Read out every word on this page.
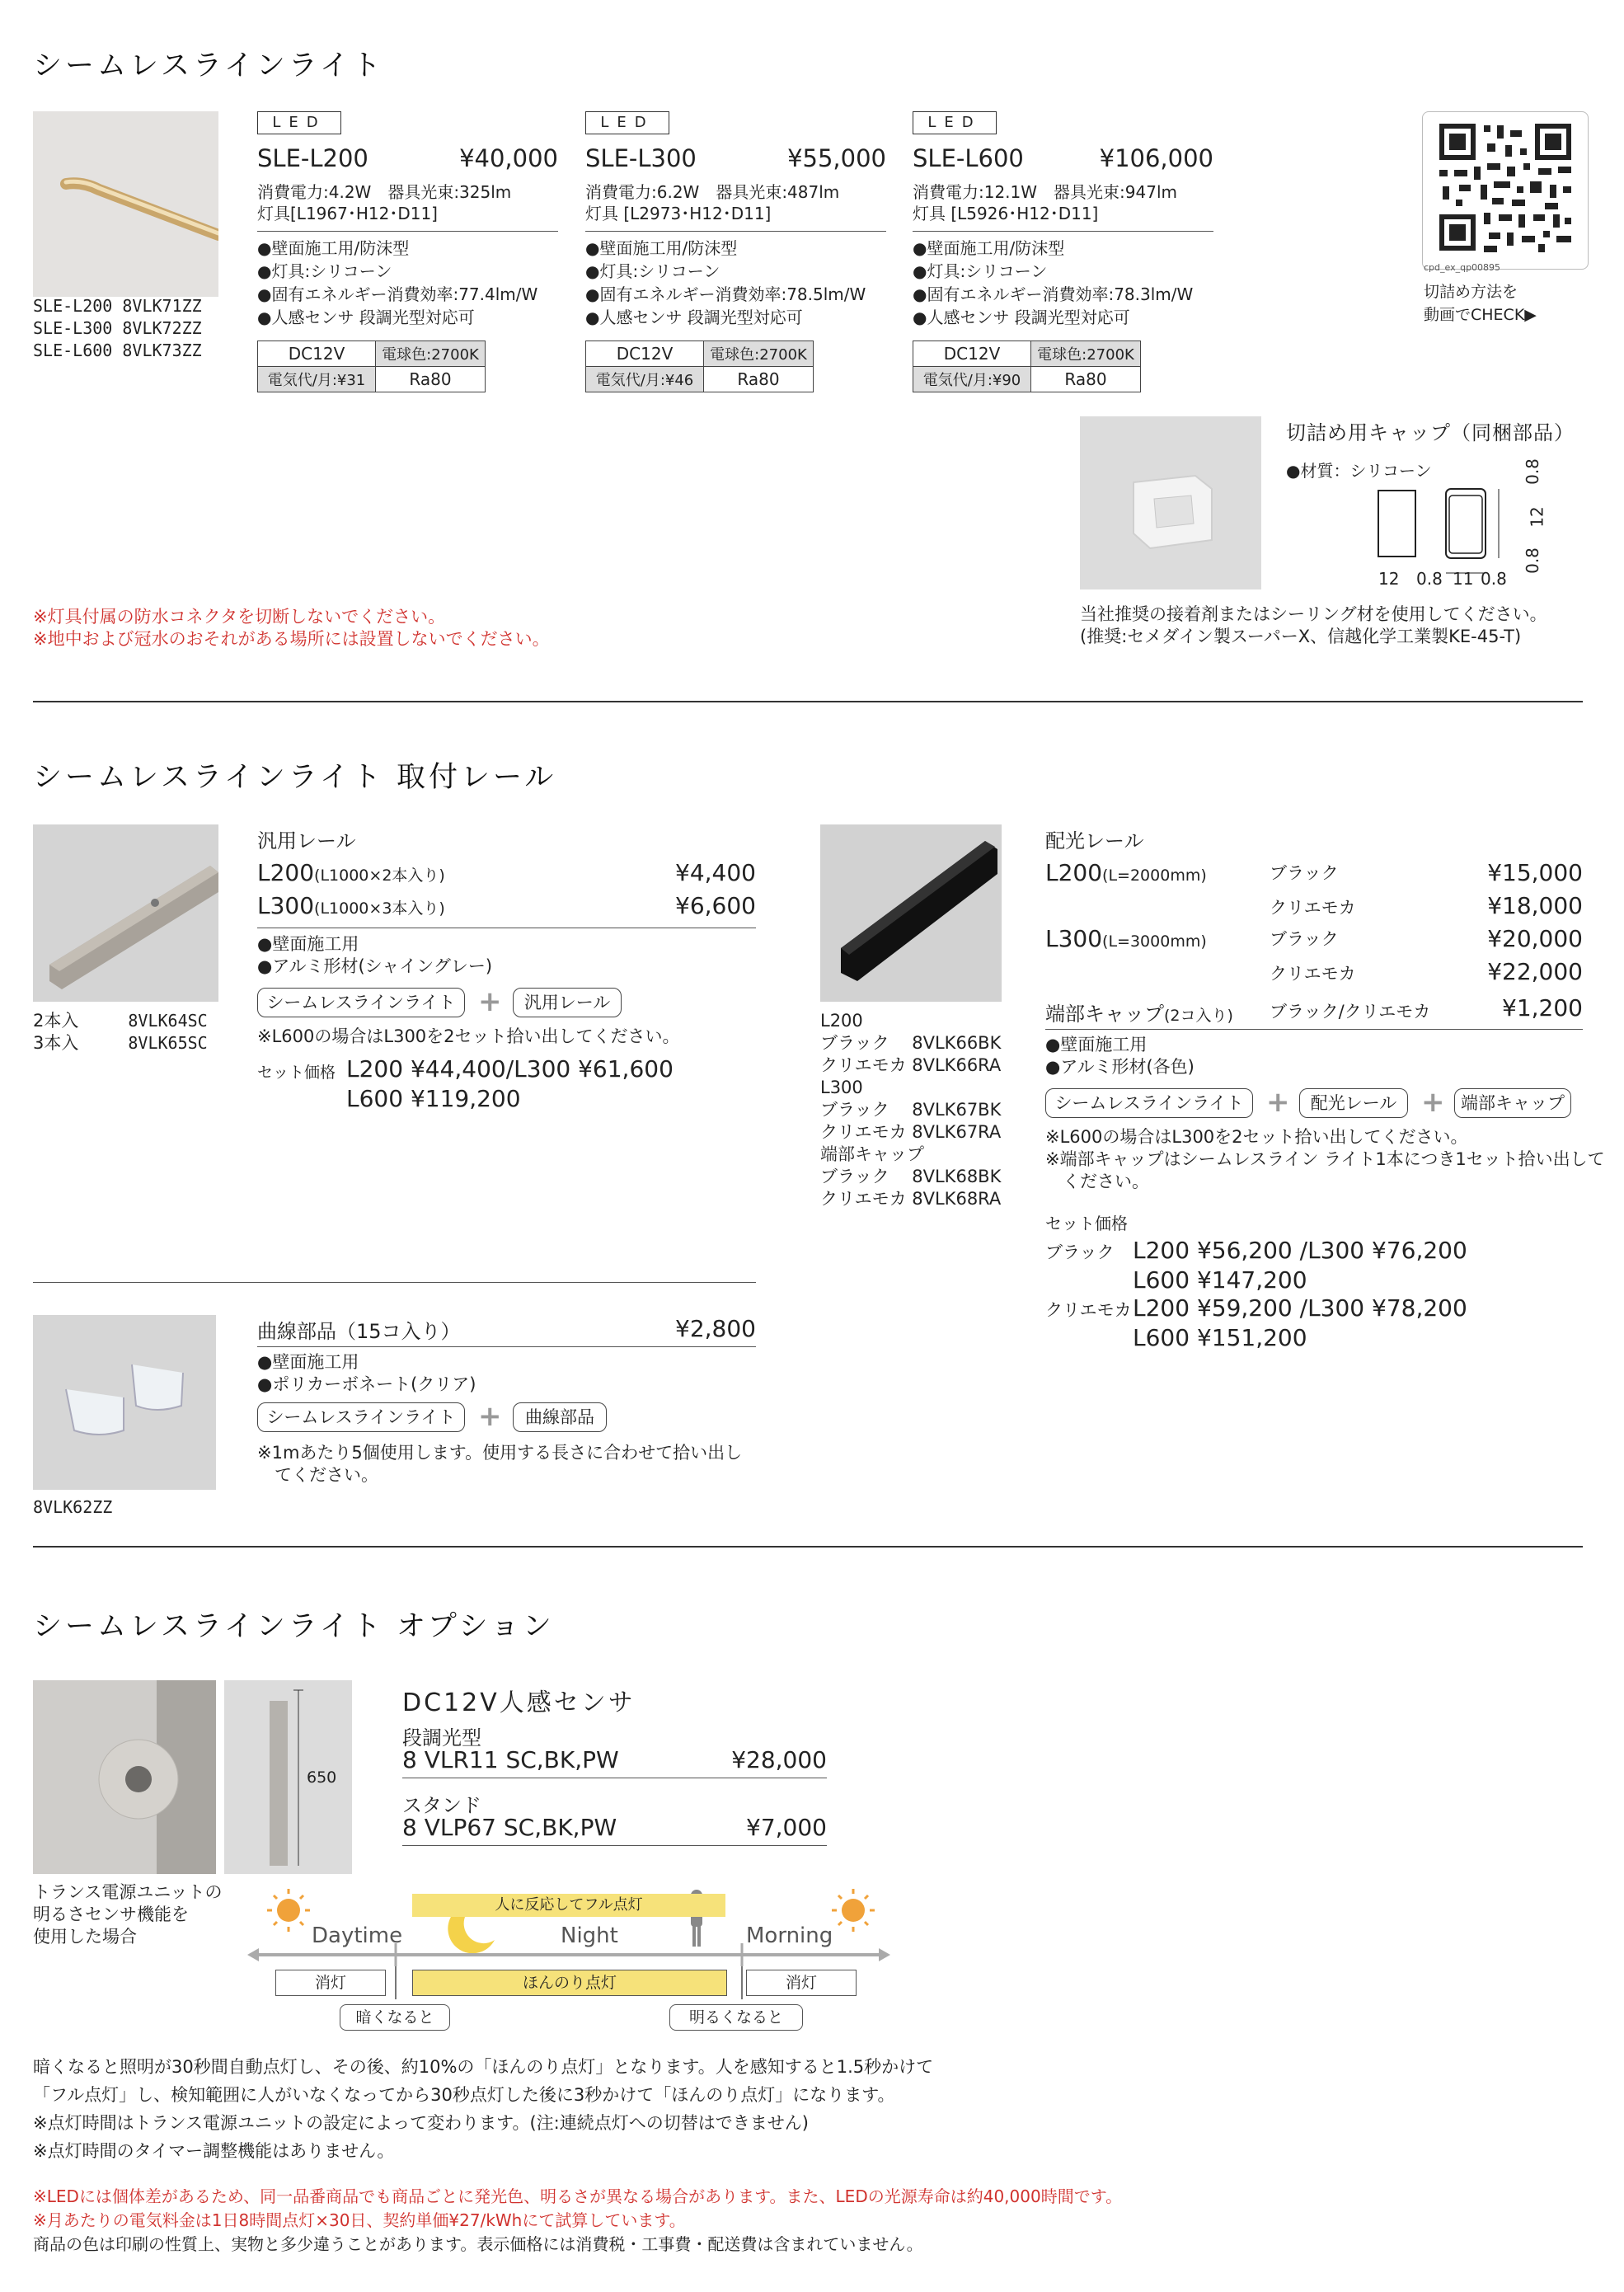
シームレスラインライト
SLE-L200 8VLK71ZZ
SLE-L300 8VLK72ZZ
SLE-L600 8VLK73ZZ
LED
SLE-L200	¥40,000
消費電力:4.2W　器具光束:325lm
灯具[L1967･H12･D11]
●壁面施工用/防沫型
●灯具:シリコーン
●固有エネルギー消費効率:77.4lm/W
●人感センサ 段調光型対応可
DC12V	電球色:2700K
電気代/月:¥31	Ra80
LED
SLE-L300	¥55,000
消費電力:6.2W　器具光束:487lm
灯具 [L2973･H12･D11]
●壁面施工用/防沫型
●灯具:シリコーン
●固有エネルギー消費効率:78.5lm/W
●人感センサ 段調光型対応可
DC12V	電球色:2700K
電気代/月:¥46	Ra80
LED
SLE-L600	¥106,000
消費電力:12.1W　器具光束:947lm
灯具 [L5926･H12･D11]
●壁面施工用/防沫型
●灯具:シリコーン
●固有エネルギー消費効率:78.3lm/W
●人感センサ 段調光型対応可
DC12V	電球色:2700K
電気代/月:¥90	Ra80
cpd_ex_qp00895
切詰め方法を
動画でCHECK▶
切詰め用キャップ（同梱部品）
●材質：シリコーン
12 0.8 11 0.8
0.8
12
0.8
当社推奨の接着剤またはシーリング材を使用してください。
(推奨:セメダイン製スーパーX、信越化学工業製KE-45-T)
※灯具付属の防水コネクタを切断しないでください。
※地中および冠水のおそれがある場所には設置しないでください。
シームレスラインライト 取付レール
2本入	8VLK64SC
3本入	8VLK65SC
汎用レール
L200(L1000×2本入り)	¥4,400
L300(L1000×3本入り)	¥6,600
●壁面施工用
●アルミ形材(シャイングレー)
シームレスラインライト +	汎用レール
※L600の場合はL300を2セット拾い出してください。
セット価格 L200 ¥44,400/L300 ¥61,600
L600 ¥119,200
L200
ブラック　 8VLK66BK
クリエモカ 8VLK66RA
L300
ブラック　 8VLK67BK
クリエモカ 8VLK67RA
端部キャップ
ブラック　 8VLK68BK
クリエモカ 8VLK68RA
配光レール
L200(L=2000mm)	ブラック	¥15,000
クリエモカ	¥18,000
L300(L=3000mm)	ブラック	¥20,000
クリエモカ	¥22,000
端部キャップ(2コ入り) ブラック/クリエモカ	¥1,200
●壁面施工用
●アルミ形材(各色)
シームレスラインライト +	配光レール + 端部キャップ
※L600の場合はL300を2セット拾い出してください。
※端部キャップはシームレスライン ライト1本につき1セット拾い出して
　ください。
セット価格
ブラック L200 ¥56,200 /L300 ¥76,200
L600 ¥147,200
クリエモカ L200 ¥59,200 /L300 ¥78,200
L600 ¥151,200
8VLK62ZZ
曲線部品（15コ入り）	¥2,800
●壁面施工用
●ポリカーボネート(クリア)
シームレスラインライト +	曲線部品
※1mあたり5個使用します。使用する長さに合わせて拾い出し
　てください。
シームレスラインライト オプション
650
トランス電源ユニットの
明るさセンサ機能を
使用した場合
DC12V人感センサ
段調光型
8 VLR11 SC,BK,PW	¥28,000
スタンド
8 VLP67 SC,BK,PW	¥7,000
人に反応してフル点灯
Daytime	Night	Morning
消灯	ほんのり点灯	消灯
暗くなると	明るくなると
暗くなると照明が30秒間自動点灯し、その後、約10%の「ほんのり点灯」となります。人を感知すると1.5秒かけて
「フル点灯」し、検知範囲に人がいなくなってから30秒点灯した後に3秒かけて「ほんのり点灯」になります。
※点灯時間はトランス電源ユニットの設定によって変わります。(注:連続点灯への切替はできません)
※点灯時間のタイマー調整機能はありません。
※LEDには個体差があるため、同一品番商品でも商品ごとに発光色、明るさが異なる場合があります。また、LEDの光源寿命は約40,000時間です。
※月あたりの電気料金は1日8時間点灯×30日、契約単価¥27/kWhにて試算しています。
商品の色は印刷の性質上、実物と多少違うことがあります。表示価格には消費税・工事費・配送費は含まれていません。
